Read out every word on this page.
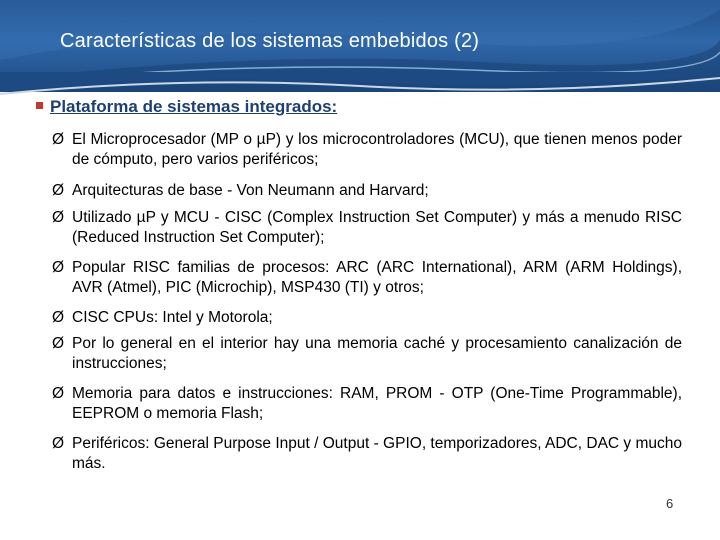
Características de los sistemas embebidos (2)
Plataforma de sistemas integrados:
Ø El Microprocesador (MP o µP) y los microcontroladores (MCU), que tienen menos poder de cómputo, pero varios periféricos;
Ø Arquitecturas de base - Von Neumann and Harvard;
Ø Utilizado µP y MCU - CISC (Complex Instruction Set Computer) y más a menudo RISC (Reduced Instruction Set Computer);
Ø Popular RISC familias de procesos: ARC (ARC International), ARM (ARM Holdings), AVR (Atmel), PIC (Microchip), MSP430 (TI) y otros;
Ø CISC CPUs: Intel y Motorola;
Ø Por lo general en el interior hay una memoria caché y procesamiento canalización de instrucciones;
Ø Memoria para datos e instrucciones: RAM, PROM - OTP (One-Time Programmable), EEPROM o memoria Flash;
Ø Periféricos: General Purpose Input / Output - GPIO, temporizadores, ADC, DAC y mucho más.
6
